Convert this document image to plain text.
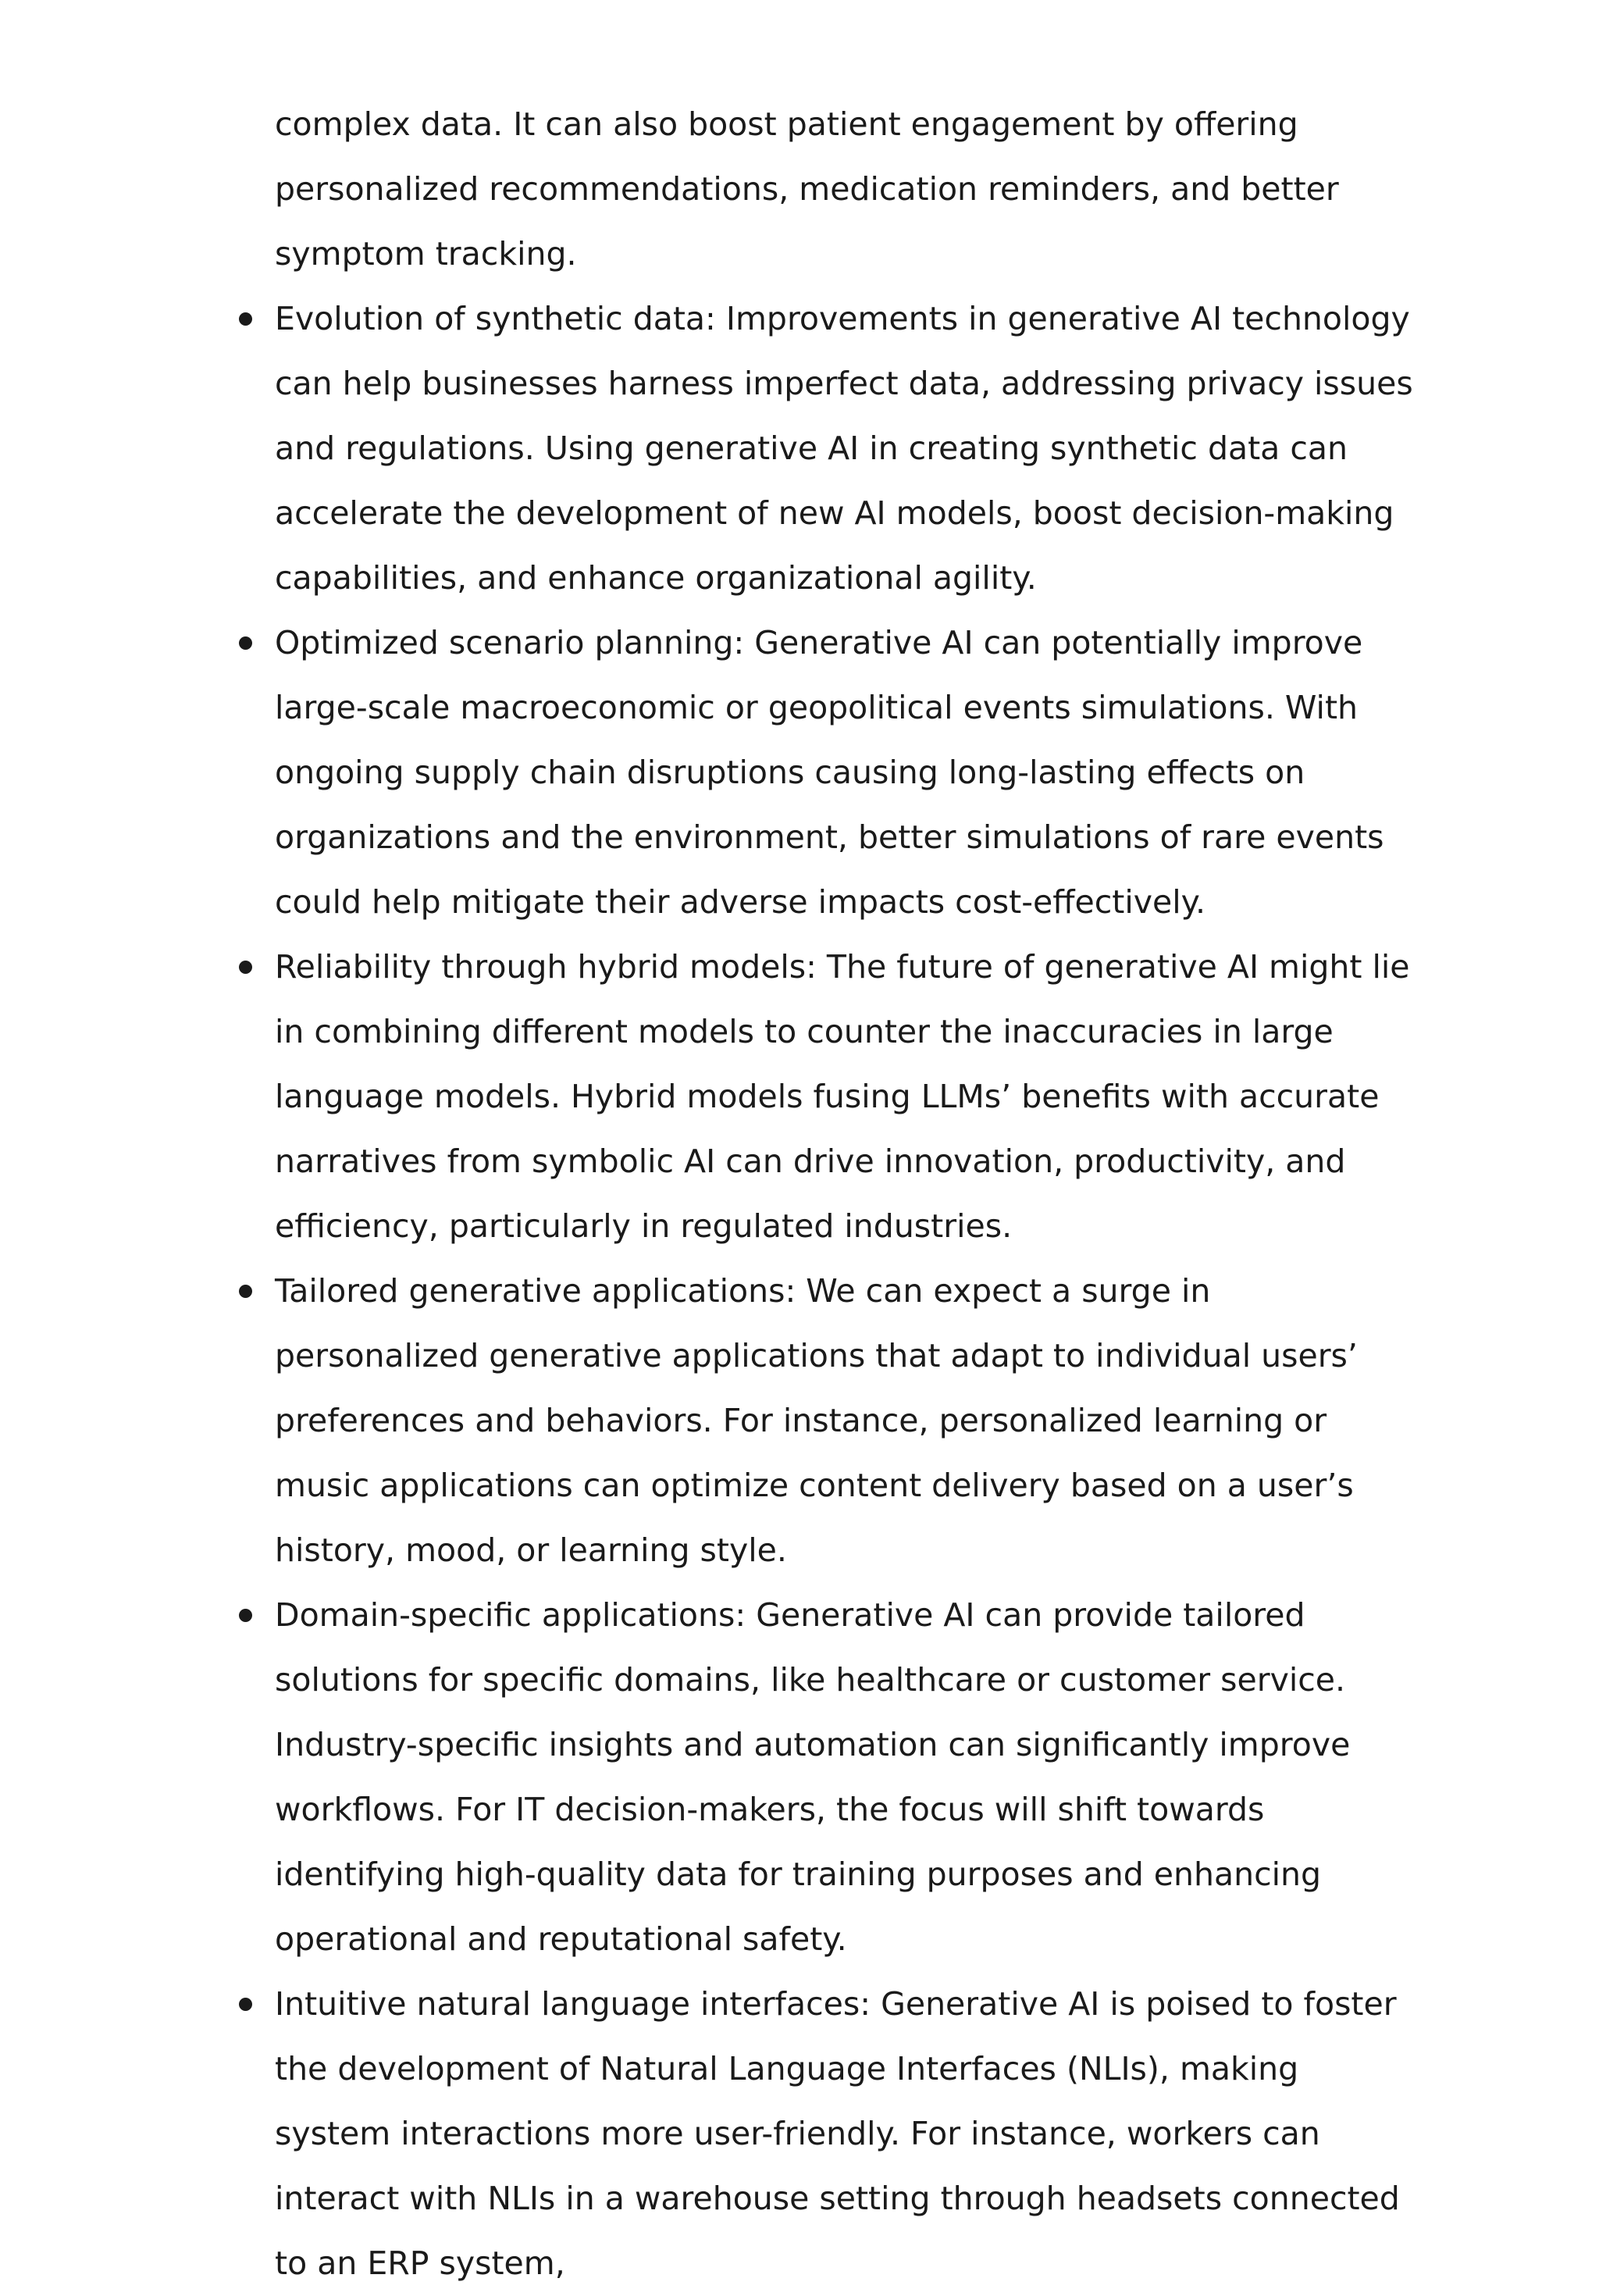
complex data. It can also boost patient engagement by offering personalized recommendations, medication reminders, and better symptom tracking.

Evolution of synthetic data: Improvements in generative AI technology can help businesses harness imperfect data, addressing privacy issues and regulations. Using generative AI in creating synthetic data can accelerate the development of new AI models, boost decision-making capabilities, and enhance organizational agility.
Optimized scenario planning: Generative AI can potentially improve large-scale macroeconomic or geopolitical events simulations. With ongoing supply chain disruptions causing long-lasting effects on organizations and the environment, better simulations of rare events could help mitigate their adverse impacts cost-effectively.
Reliability through hybrid models: The future of generative AI might lie in combining different models to counter the inaccuracies in large language models. Hybrid models fusing LLMs’ benefits with accurate narratives from symbolic AI can drive innovation, productivity, and efficiency, particularly in regulated industries.
Tailored generative applications: We can expect a surge in personalized generative applications that adapt to individual users’ preferences and behaviors. For instance, personalized learning or music applications can optimize content delivery based on a user’s history, mood, or learning style.
Domain-specific applications: Generative AI can provide tailored solutions for specific domains, like healthcare or customer service. Industry-specific insights and automation can significantly improve workflows. For IT decision-makers, the focus will shift towards identifying high-quality data for training purposes and enhancing operational and reputational safety.
Intuitive natural language interfaces: Generative AI is poised to foster the development of Natural Language Interfaces (NLIs), making system interactions more user-friendly. For instance, workers can interact with NLIs in a warehouse setting through headsets connected to an ERP system,
